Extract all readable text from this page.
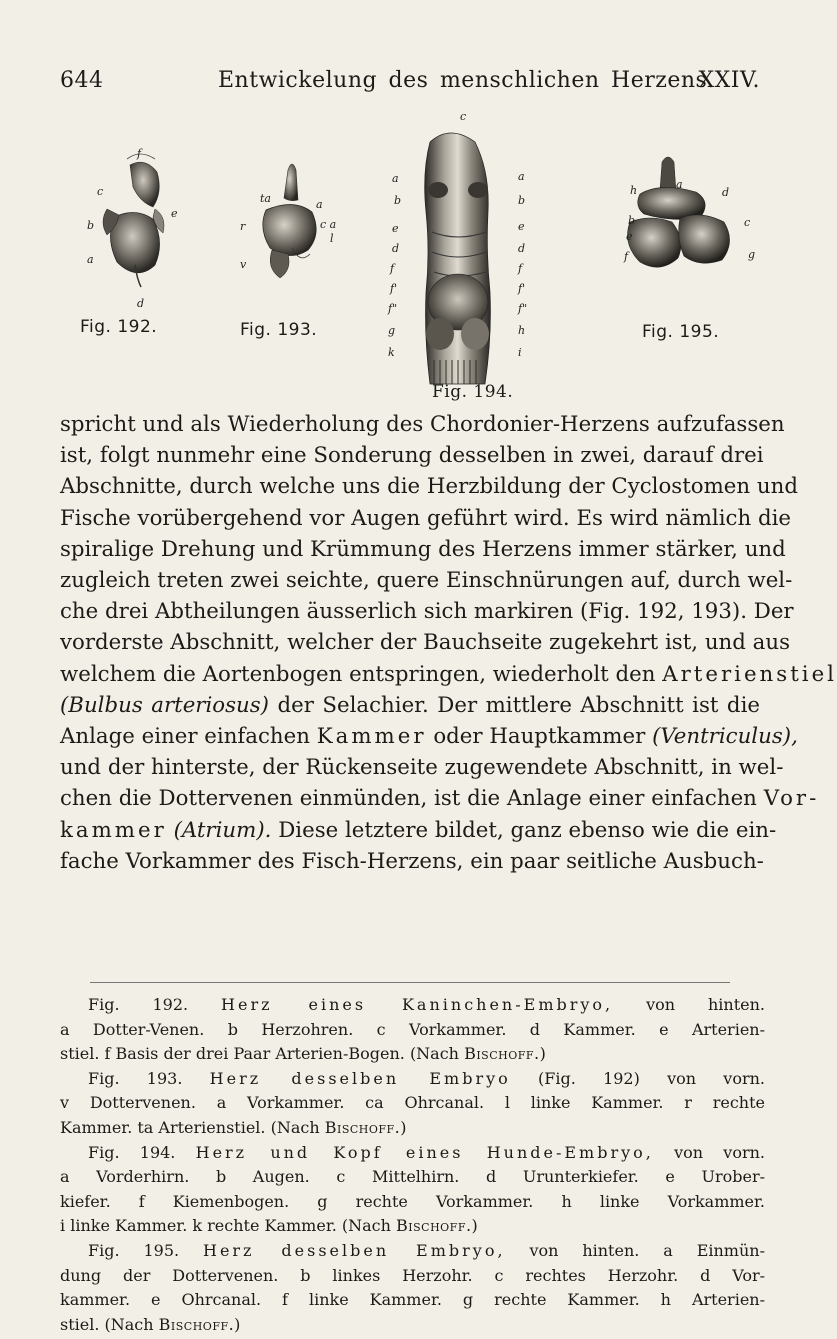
644	Entwickelung des menschlichen Herzens.
XXIV.
f
c
b
e
a
d
Fig. 192.
ta	a
r	c a
l
v
Fig. 193.
c
a
b
e
d
f
f'
f"
g
k
a
b
e
d
f
f'
f"
h
i
Fig. 194.
h	a
d
b	c
e
f	g
Fig. 195.
spricht und als Wiederholung des Chordonier-Herzens aufzufassen
ist, folgt nunmehr eine Sonderung desselben in zwei, darauf drei
Abschnitte, durch welche uns die Herzbildung der Cyclostomen und
Fische vorübergehend vor Augen geführt wird. Es wird nämlich die
spiralige Drehung und Krümmung des Herzens immer stärker, und
zugleich treten zwei seichte, quere Einschnürungen auf, durch wel-
che drei Abtheilungen äusserlich sich markiren (Fig. 192, 193). Der
vorderste Abschnitt, welcher der Bauchseite zugekehrt ist, und aus
welchem die Aortenbogen entspringen, wiederholt den Arterienstiel
(Bulbus arteriosus) der Selachier. Der mittlere Abschnitt ist die
Anlage einer einfachen Kammer oder Hauptkammer (Ventriculus),
und der hinterste, der Rückenseite zugewendete Abschnitt, in wel-
chen die Dottervenen einmünden, ist die Anlage einer einfachen Vor-
kammer (Atrium). Diese letztere bildet, ganz ebenso wie die ein-
fache Vorkammer des Fisch-Herzens, ein paar seitliche Ausbuch-
Fig. 192. Herz eines Kaninchen-Embryo, von hinten.
a Dotter-Venen. b Herzohren. c Vorkammer. d Kammer. e Arterien-
stiel. f Basis der drei Paar Arterien-Bogen. (Nach Bischoff.)
Fig. 193. Herz desselben Embryo (Fig. 192) von vorn.
v Dottervenen. a Vorkammer. ca Ohrcanal. l linke Kammer. r rechte
Kammer. ta Arterienstiel. (Nach Bischoff.)
Fig. 194. Herz und Kopf eines Hunde-Embryo, von vorn.
a Vorderhirn. b Augen. c Mittelhirn. d Urunterkiefer. e Urober-
kiefer. f Kiemenbogen. g rechte Vorkammer. h linke Vorkammer.
i linke Kammer. k rechte Kammer. (Nach Bischoff.)
Fig. 195. Herz desselben Embryo, von hinten. a Einmün-
dung der Dottervenen. b linkes Herzohr. c rechtes Herzohr. d Vor-
kammer. e Ohrcanal. f linke Kammer. g rechte Kammer. h Arterien-
stiel. (Nach Bischoff.)
